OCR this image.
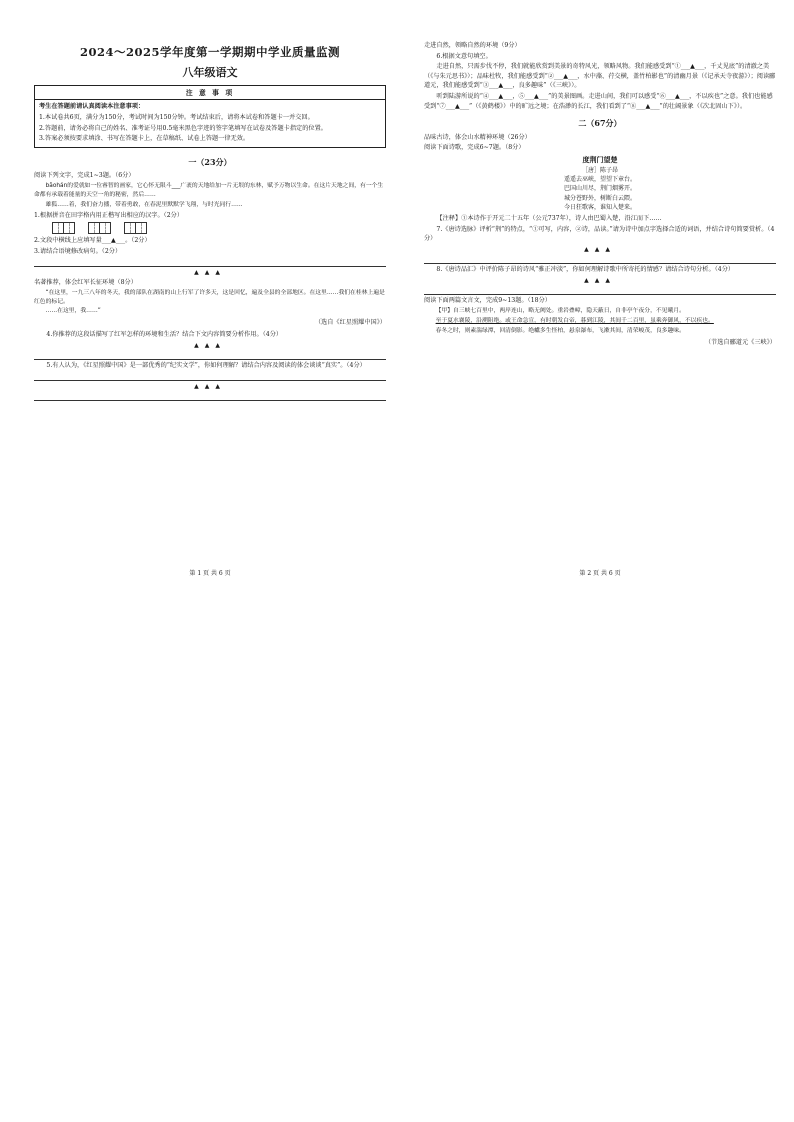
2024～2025学年度第一学期期中学业质量监测
八年级语文
注 意 事 项

考生在答题前请认真阅读本注意事项：

1.本试卷共6页，满分为150分，考试时间为150分钟。考试结束后，请将本试卷和答题卡一并交回。

2.答题前，请务必将自己的姓名、准考证号用0.5毫米黑色字迹的签字笔填写在试卷及答题卡指定的位置。

3.答案必须按要求填涂、书写在答题卡上，在草稿纸、试卷上答题一律无效。

一（23分）

阅读下列文字，完成1~3题。（6分）

bāohán的爱就如一位睿智的画家，它心怀无限斗___广袤的天地给加一片无垠的东林，赋予万物以生命。在这片天地之间，有一个生命都有承载着能量的天空一角的秘密，然后……

雄狐……着，我们奋力播，带着勇敢，在春泥里默默学飞翔，与时光同行……

1.根据拼音在田字格内用正楷写出相应的汉字。（2分）

2.文段中横线上应填写量___▲___。（2分）

3.请结合语境修改病句。（2分）

▲▲▲

名著推荐，体会红军长征环境（8分）

“在这里，一九三八年的冬天，我的部队在湖南的山上行军了许多天，这是回忆，遍及全县的全部地区。在这里……我们在桂林上遍是红色的标记。

……在这里，我……”

（选自《红星照耀中国》）

4.你推荐的这段话描写了红军怎样的环境和生活？结合下文内容简要分析作用。（4分）

▲▲▲

5.有人认为，《红星照耀中国》是一部优秀的“纪实文学”，你如何理解？请结合内容及阅读的体会谈谈“真实”。（4分）

▲▲▲
第 1 页 共 6 页

走进自然，领略自然的环境（9分）

6.根据文意句填空。

走进自然，只需步伐不停，我们就能欣赏到美景的奇特风光，领略风物。我们能感受到“①___▲___，千丈见底”的清澈之美（《与朱元思书》）；品味杜牧，我们能感受到“②___▲___，水中藻、荇交横，盖竹柏影也”的清幽月景（《记承天寺夜游》）；阅读郦道元，我们能感受到“③___▲___，良多趣味”（《三峡》）。

听到陆游所说的“④___▲___，⑤___▲___”的美景图画。走进山间，我们可以感受“⑥___▲___，不以疾也”之意。我们也能感受到“⑦___▲___”（《黄鹤楼》）中的旷远之境；在浩渺的长江，我们看到了“⑧___▲___”的壮阔景象（《次北固山下》）。

二（67分）

品味古诗，体会山水精神环境（26分）

阅读下面诗歌，完成6~7题。（8分）

度荆门望楚
［唐］陈子昂
遥遥去巫峡，望望下章台。
巴国山川尽，荆门烟雾开。
城分苍野外，树断白云隈。
今日狂歌客，谁知入楚来。

【注释】①本诗作于开元二十五年（公元737年），诗人由巴蜀入楚，沿江而下……

7.《唐诗选脉》评析“荆”的特点，“①可写，内容，②诗，品读。”请为诗中加点字选择合适的词语，并结合诗句简要赏析。（4分）

▲▲▲

8.《唐诗品汇》中评价陈子昂的诗风“雅正冲淡”，你如何理解诗歌中所寄托的情感？请结合诗句分析。（4分）

▲▲▲

阅读下面两篇文言文，完成9~13题。（18分）

【甲】自三峡七百里中，两岸连山，略无阙处。重岩叠嶂，隐天蔽日，自非亭午夜分，不见曦月。

至于夏水襄陵，沿溯阻绝。或王命急宣，有时朝发白帝，暮到江陵，其间千二百里，虽乘奔御风，不以疾也。

春冬之时，则素湍绿潭，回清倒影。绝巘多生怪柏，悬泉瀑布，飞漱其间，清荣峻茂，良多趣味。

（节选自郦道元《三峡》）

第 2 页 共 6 页
